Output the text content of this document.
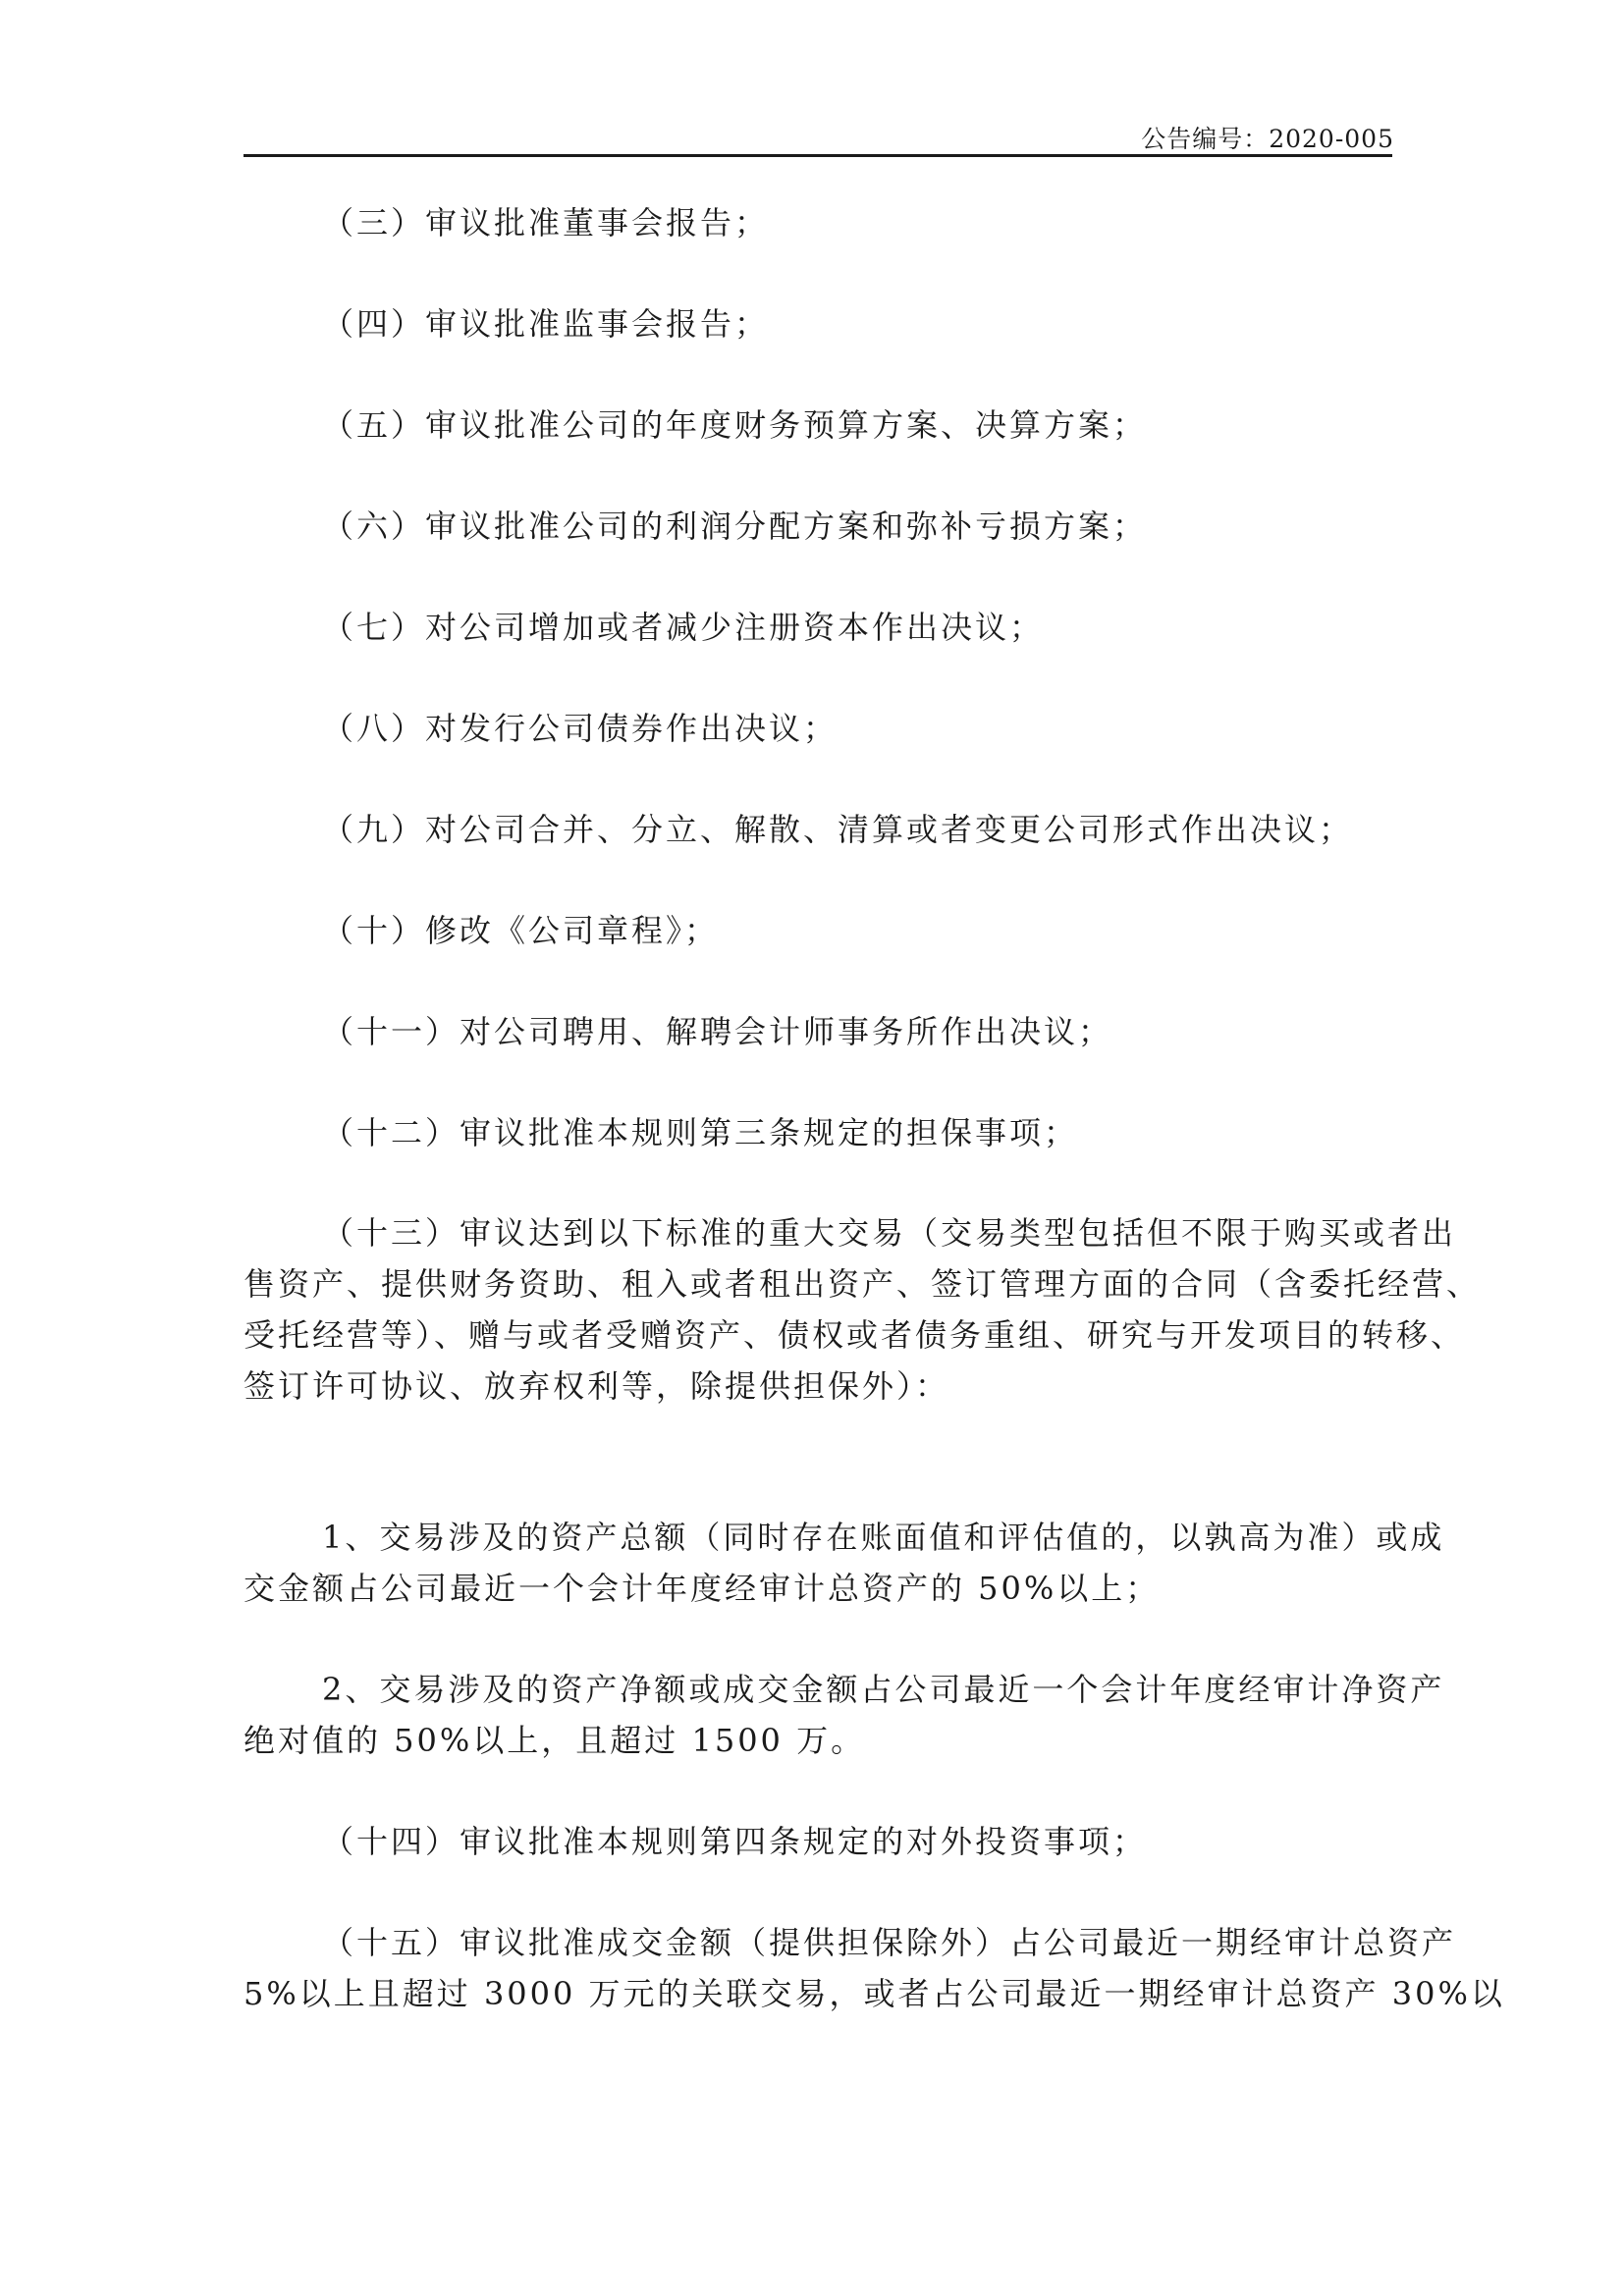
公告编号：2020-005
（三）审议批准董事会报告；
（四）审议批准监事会报告；
（五）审议批准公司的年度财务预算方案、决算方案；
（六）审议批准公司的利润分配方案和弥补亏损方案；
（七）对公司增加或者减少注册资本作出决议；
（八）对发行公司债券作出决议；
（九）对公司合并、分立、解散、清算或者变更公司形式作出决议；
（十）修改《公司章程》；
（十一）对公司聘用、解聘会计师事务所作出决议；
（十二）审议批准本规则第三条规定的担保事项；
（十三）审议达到以下标准的重大交易（交易类型包括但不限于购买或者出
售资产、提供财务资助、租入或者租出资产、签订管理方面的合同（含委托经营、
受托经营等）、赠与或者受赠资产、债权或者债务重组、研究与开发项目的转移、
签订许可协议、放弃权利等，除提供担保外）：
1、交易涉及的资产总额（同时存在账面值和评估值的，以孰高为准）或成
交金额占公司最近一个会计年度经审计总资产的 50%以上；
2、交易涉及的资产净额或成交金额占公司最近一个会计年度经审计净资产
绝对值的 50%以上，且超过 1500 万。
（十四）审议批准本规则第四条规定的对外投资事项；
（十五）审议批准成交金额（提供担保除外）占公司最近一期经审计总资产
5%以上且超过 3000 万元的关联交易，或者占公司最近一期经审计总资产 30%以
